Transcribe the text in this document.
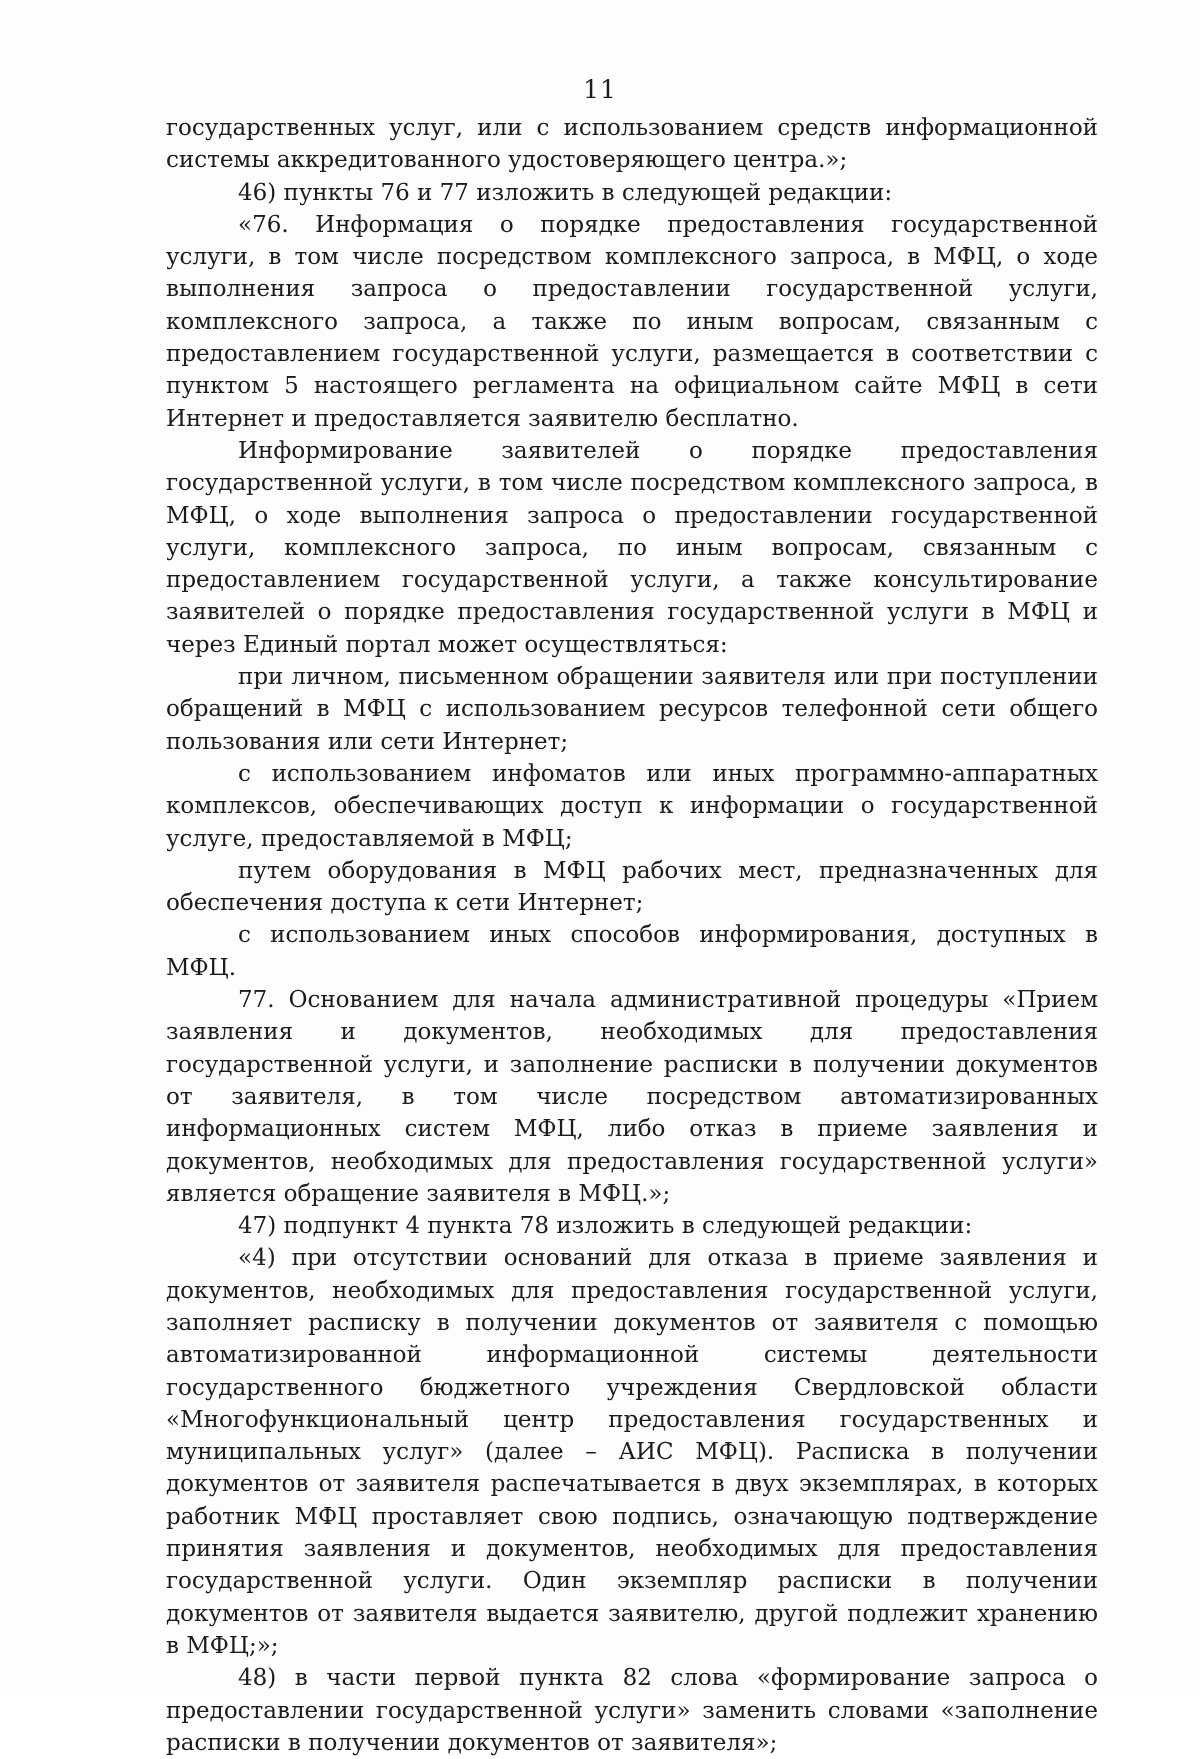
11

государственных услуг, или с использованием средств информационной системы аккредитованного удостоверяющего центра.»;

46) пункты 76 и 77 изложить в следующей редакции:

«76. Информация о порядке предоставления государственной услуги, в том числе посредством комплексного запроса, в МФЦ, о ходе выполнения запроса о предоставлении государственной услуги, комплексного запроса, а также по иным вопросам, связанным с предоставлением государственной услуги, размещается в соответствии с пунктом 5 настоящего регламента на официальном сайте МФЦ в сети Интернет и предоставляется заявителю бесплатно.

Информирование заявителей о порядке предоставления государственной услуги, в том числе посредством комплексного запроса, в МФЦ, о ходе выполнения запроса о предоставлении государственной услуги, комплексного запроса, по иным вопросам, связанным с предоставлением государственной услуги, а также консультирование заявителей о порядке предоставления государственной услуги в МФЦ и через Единый портал может осуществляться:

при личном, письменном обращении заявителя или при поступлении обращений в МФЦ с использованием ресурсов телефонной сети общего пользования или сети Интернет;

с использованием инфоматов или иных программно-аппаратных комплексов, обеспечивающих доступ к информации о государственной услуге, предоставляемой в МФЦ;

путем оборудования в МФЦ рабочих мест, предназначенных для обеспечения доступа к сети Интернет;

с использованием иных способов информирования, доступных в МФЦ.

77. Основанием для начала административной процедуры «Прием заявления и документов, необходимых для предоставления государственной услуги, и заполнение расписки в получении документов от заявителя, в том числе посредством автоматизированных информационных систем МФЦ, либо отказ в приеме заявления и документов, необходимых для предоставления государственной услуги» является обращение заявителя в МФЦ.»;

47) подпункт 4 пункта 78 изложить в следующей редакции:

«4) при отсутствии оснований для отказа в приеме заявления и документов, необходимых для предоставления государственной услуги, заполняет расписку в получении документов от заявителя с помощью автоматизированной информационной системы деятельности государственного бюджетного учреждения Свердловской области «Многофункциональный центр предоставления государственных и муниципальных услуг» (далее – АИС МФЦ). Расписка в получении документов от заявителя распечатывается в двух экземплярах, в которых работник МФЦ проставляет свою подпись, означающую подтверждение принятия заявления и документов, необходимых для предоставления государственной услуги. Один экземпляр расписки в получении документов от заявителя выдается заявителю, другой подлежит хранению в МФЦ;»;

48) в части первой пункта 82 слова «формирование запроса о предоставлении государственной услуги» заменить словами «заполнение расписки в получении документов от заявителя»;
